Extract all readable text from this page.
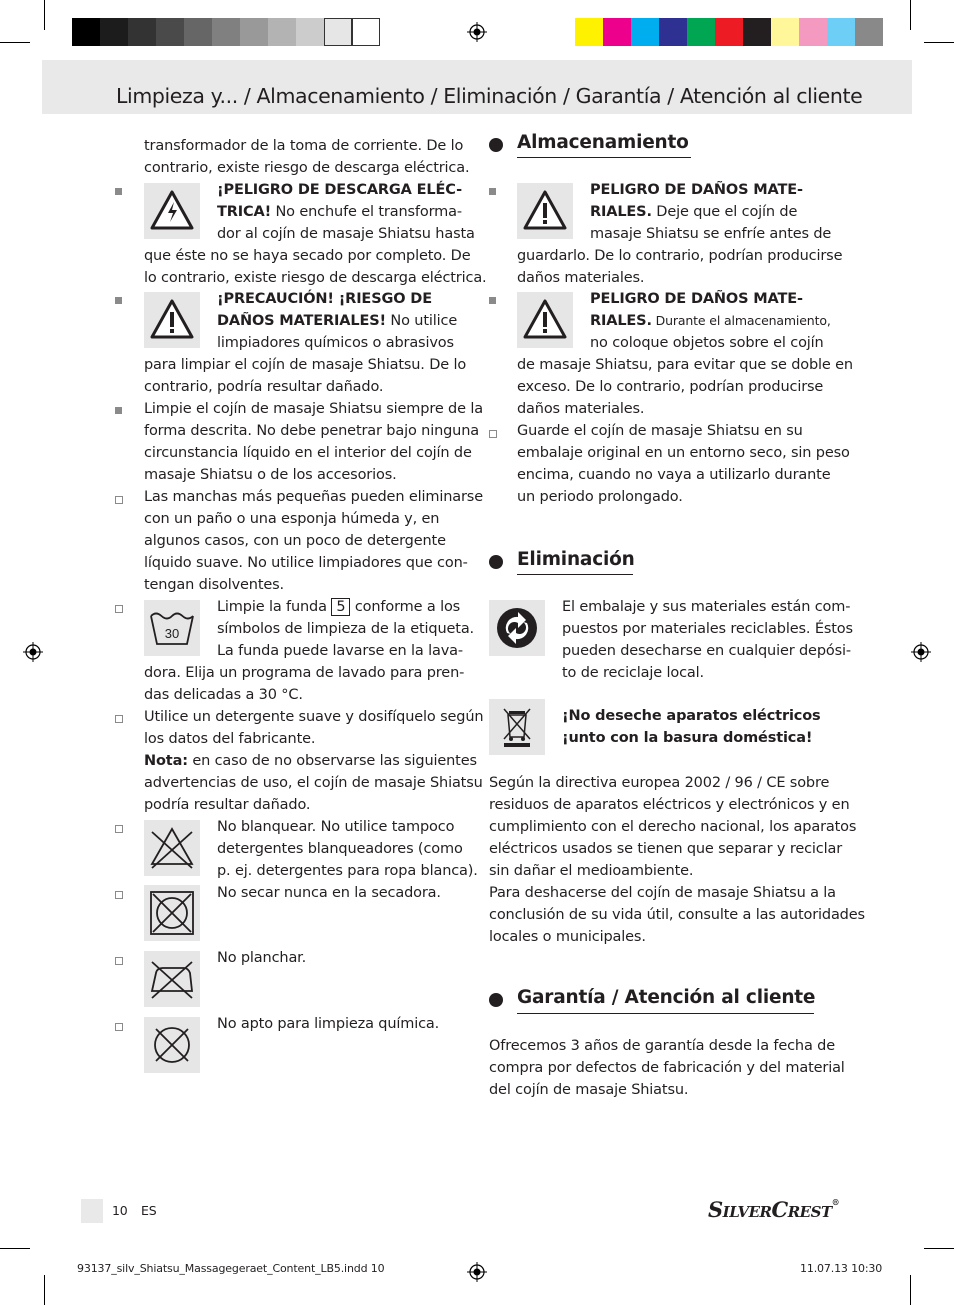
Limpieza y... / Almacenamiento / Eliminación / Garantía / Atención al cliente
transformador de la toma de corriente. De lo
contrario, existe riesgo de descarga eléctrica.
¡PELIGRO DE DESCARGA ELÉC-
TRICA! No enchufe el transforma-
dor al cojín de masaje Shiatsu hasta
que éste no se haya secado por completo. De
lo contrario, existe riesgo de descarga eléctrica.
¡PRECAUCIÓN! ¡RIESGO DE
DAÑOS MATERIALES! No utilice
limpiadores químicos o abrasivos
para limpiar el cojín de masaje Shiatsu. De lo
contrario, podría resultar dañado.
Limpie el cojín de masaje Shiatsu siempre de la
forma descrita. No debe penetrar bajo ninguna
circunstancia líquido en el interior del cojín de
masaje Shiatsu o de los accesorios.
Las manchas más pequeñas pueden eliminarse
con un paño o una esponja húmeda y, en
algunos casos, con un poco de detergente
líquido suave. No utilice limpiadores que con-
tengan disolventes.
30
Limpie la funda 5 conforme a los
símbolos de limpieza de la etiqueta.
La funda puede lavarse en la lava-
dora. Elija un programa de lavado para pren-
das delicadas a 30 °C.
Utilice un detergente suave y dosifíquelo según
los datos del fabricante.
Nota: en caso de no observarse las siguientes
advertencias de uso, el cojín de masaje Shiatsu
podría resultar dañado.
No blanquear. No utilice tampoco
detergentes blanqueadores (como
p. ej. detergentes para ropa blanca).
No secar nunca en la secadora.
No planchar.
No apto para limpieza química.
Almacenamiento
PELIGRO DE DAÑOS MATE-
RIALES. Deje que el cojín de
masaje Shiatsu se enfríe antes de
guardarlo. De lo contrario, podrían producirse
daños materiales.
PELIGRO DE DAÑOS MATE-
RIALES. Durante el almacenamiento,
no coloque objetos sobre el cojín
de masaje Shiatsu, para evitar que se doble en
exceso. De lo contrario, podrían producirse
daños materiales.
Guarde el cojín de masaje Shiatsu en su
embalaje original en un entorno seco, sin peso
encima, cuando no vaya a utilizarlo durante
un periodo prolongado.
Eliminación
El embalaje y sus materiales están com-
puestos por materiales reciclables. Éstos
pueden desecharse en cualquier depósi-
to de reciclaje local.
¡No deseche aparatos eléctricos
¡unto con la basura doméstica!
Según la directiva europea 2002 / 96 / CE sobre
residuos de aparatos eléctricos y electrónicos y en
cumplimiento con el derecho nacional, los aparatos
eléctricos usados se tienen que separar y reciclar
sin dañar el medioambiente.
Para deshacerse del cojín de masaje Shiatsu a la
conclusión de su vida útil, consulte a las autoridades
locales o municipales.
Garantía / Atención al cliente
Ofrecemos 3 años de garantía desde la fecha de
compra por defectos de fabricación y del material
del cojín de masaje Shiatsu.
10 ES	SILVERCREST®
93137_silv_Shiatsu_Massagegeraet_Content_LB5.indd 10	11.07.13 10:30
